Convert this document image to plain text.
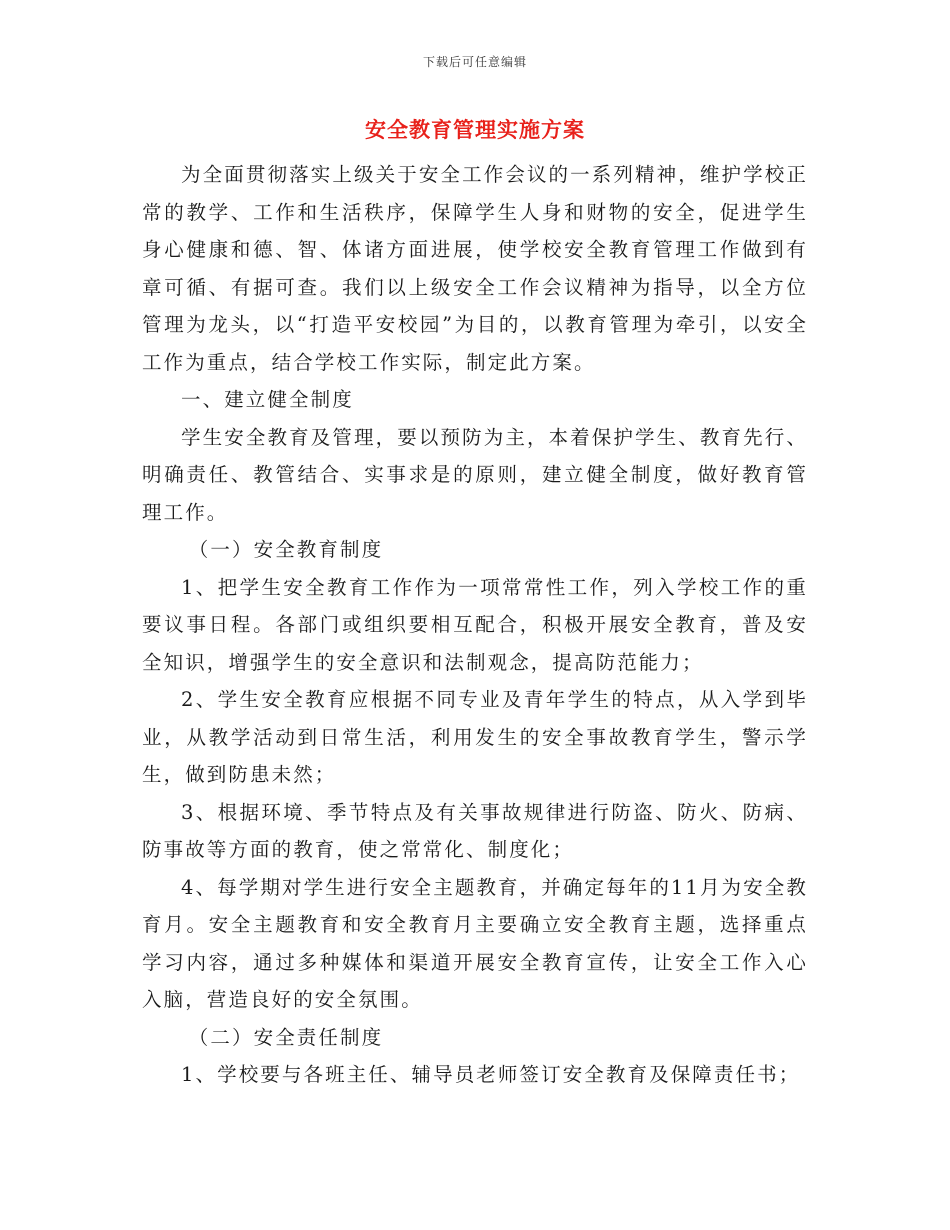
下载后可任意编辑
安全教育管理实施方案

为全面贯彻落实上级关于安全工作会议的一系列精神，维护学校正常的教学、工作和生活秩序，保障学生人身和财物的安全，促进学生身心健康和德、智、体诸方面进展，使学校安全教育管理工作做到有章可循、有据可查。我们以上级安全工作会议精神为指导，以全方位管理为龙头，以“打造平安校园”为目的，以教育管理为牵引，以安全工作为重点，结合学校工作实际，制定此方案。

一、建立健全制度

学生安全教育及管理，要以预防为主，本着保护学生、教育先行、明确责任、教管结合、实事求是的原则，建立健全制度，做好教育管理工作。

（一）安全教育制度

1、把学生安全教育工作作为一项常常性工作，列入学校工作的重要议事日程。各部门或组织要相互配合，积极开展安全教育，普及安全知识，增强学生的安全意识和法制观念，提高防范能力；

2、学生安全教育应根据不同专业及青年学生的特点，从入学到毕业，从教学活动到日常生活，利用发生的安全事故教育学生，警示学生，做到防患未然；

3、根据环境、季节特点及有关事故规律进行防盗、防火、防病、防事故等方面的教育，使之常常化、制度化；

4、每学期对学生进行安全主题教育，并确定每年的11月为安全教育月。安全主题教育和安全教育月主要确立安全教育主题，选择重点学习内容，通过多种媒体和渠道开展安全教育宣传，让安全工作入心入脑，营造良好的安全氛围。

（二）安全责任制度

1、学校要与各班主任、辅导员老师签订安全教育及保障责任书；
